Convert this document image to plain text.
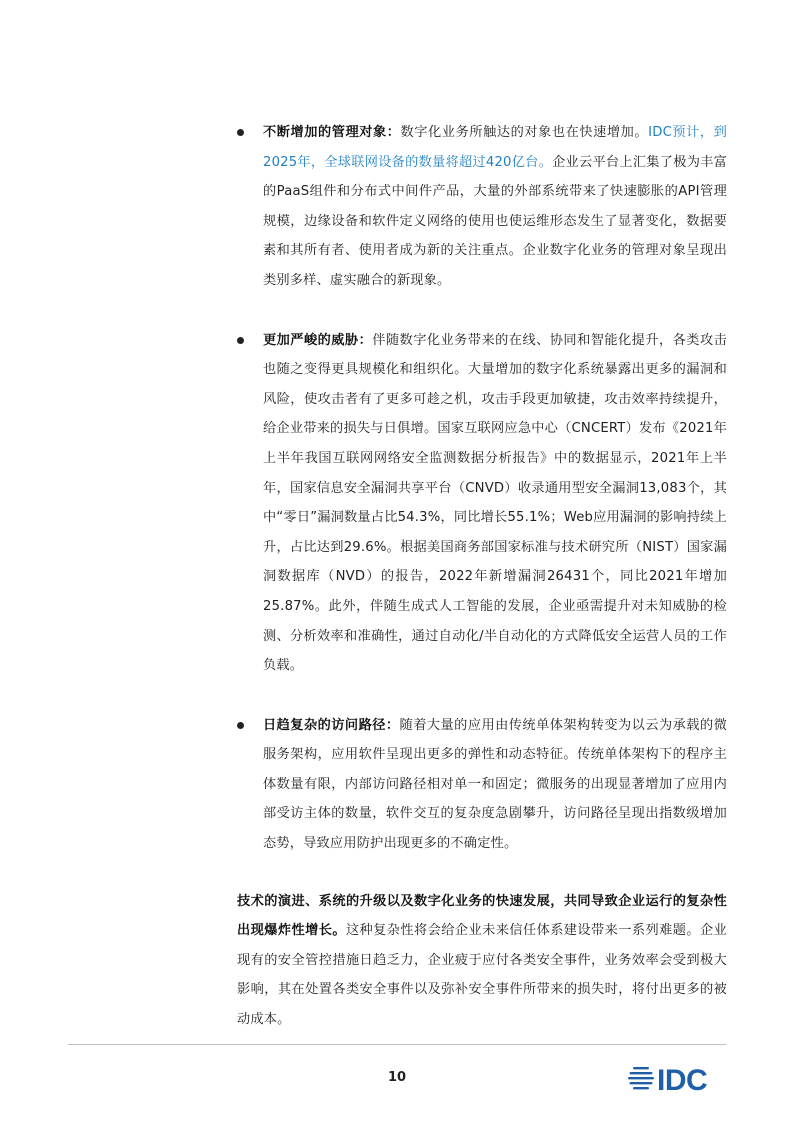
不断增加的管理对象：数字化业务所触达的对象也在快速增加。IDC预计，到2025年，全球联网设备的数量将超过420亿台。企业云平台上汇集了极为丰富的PaaS组件和分布式中间件产品，大量的外部系统带来了快速膨胀的API管理规模，边缘设备和软件定义网络的使用也使运维形态发生了显著变化，数据要素和其所有者、使用者成为新的关注重点。企业数字化业务的管理对象呈现出类别多样、虚实融合的新现象。
更加严峻的威胁：伴随数字化业务带来的在线、协同和智能化提升，各类攻击也随之变得更具规模化和组织化。大量增加的数字化系统暴露出更多的漏洞和风险，使攻击者有了更多可趁之机，攻击手段更加敏捷，攻击效率持续提升，给企业带来的损失与日俱增。国家互联网应急中心（CNCERT）发布《2021年上半年我国互联网网络安全监测数据分析报告》中的数据显示，2021年上半年，国家信息安全漏洞共享平台（CNVD）收录通用型安全漏洞13,083个，其中“零日”漏洞数量占比54.3%，同比增长55.1%；Web应用漏洞的影响持续上升，占比达到29.6%。根据美国商务部国家标准与技术研究所（NIST）国家漏洞数据库（NVD）的报告，2022年新增漏洞26431个，同比2021年增加25.87%。此外，伴随生成式人工智能的发展，企业亟需提升对未知威胁的检测、分析效率和准确性，通过自动化/半自动化的方式降低安全运营人员的工作负载。
日趋复杂的访问路径：随着大量的应用由传统单体架构转变为以云为承载的微服务架构，应用软件呈现出更多的弹性和动态特征。传统单体架构下的程序主体数量有限，内部访问路径相对单一和固定；微服务的出现显著增加了应用内部受访主体的数量，软件交互的复杂度急剧攀升，访问路径呈现出指数级增加态势，导致应用防护出现更多的不确定性。
技术的演进、系统的升级以及数字化业务的快速发展，共同导致企业运行的复杂性出现爆炸性增长。这种复杂性将会给企业未来信任体系建设带来一系列难题。企业现有的安全管控措施日趋乏力，企业疲于应付各类安全事件，业务效率会受到极大影响，其在处置各类安全事件以及弥补安全事件所带来的损失时，将付出更多的被动成本。
10	IDC
